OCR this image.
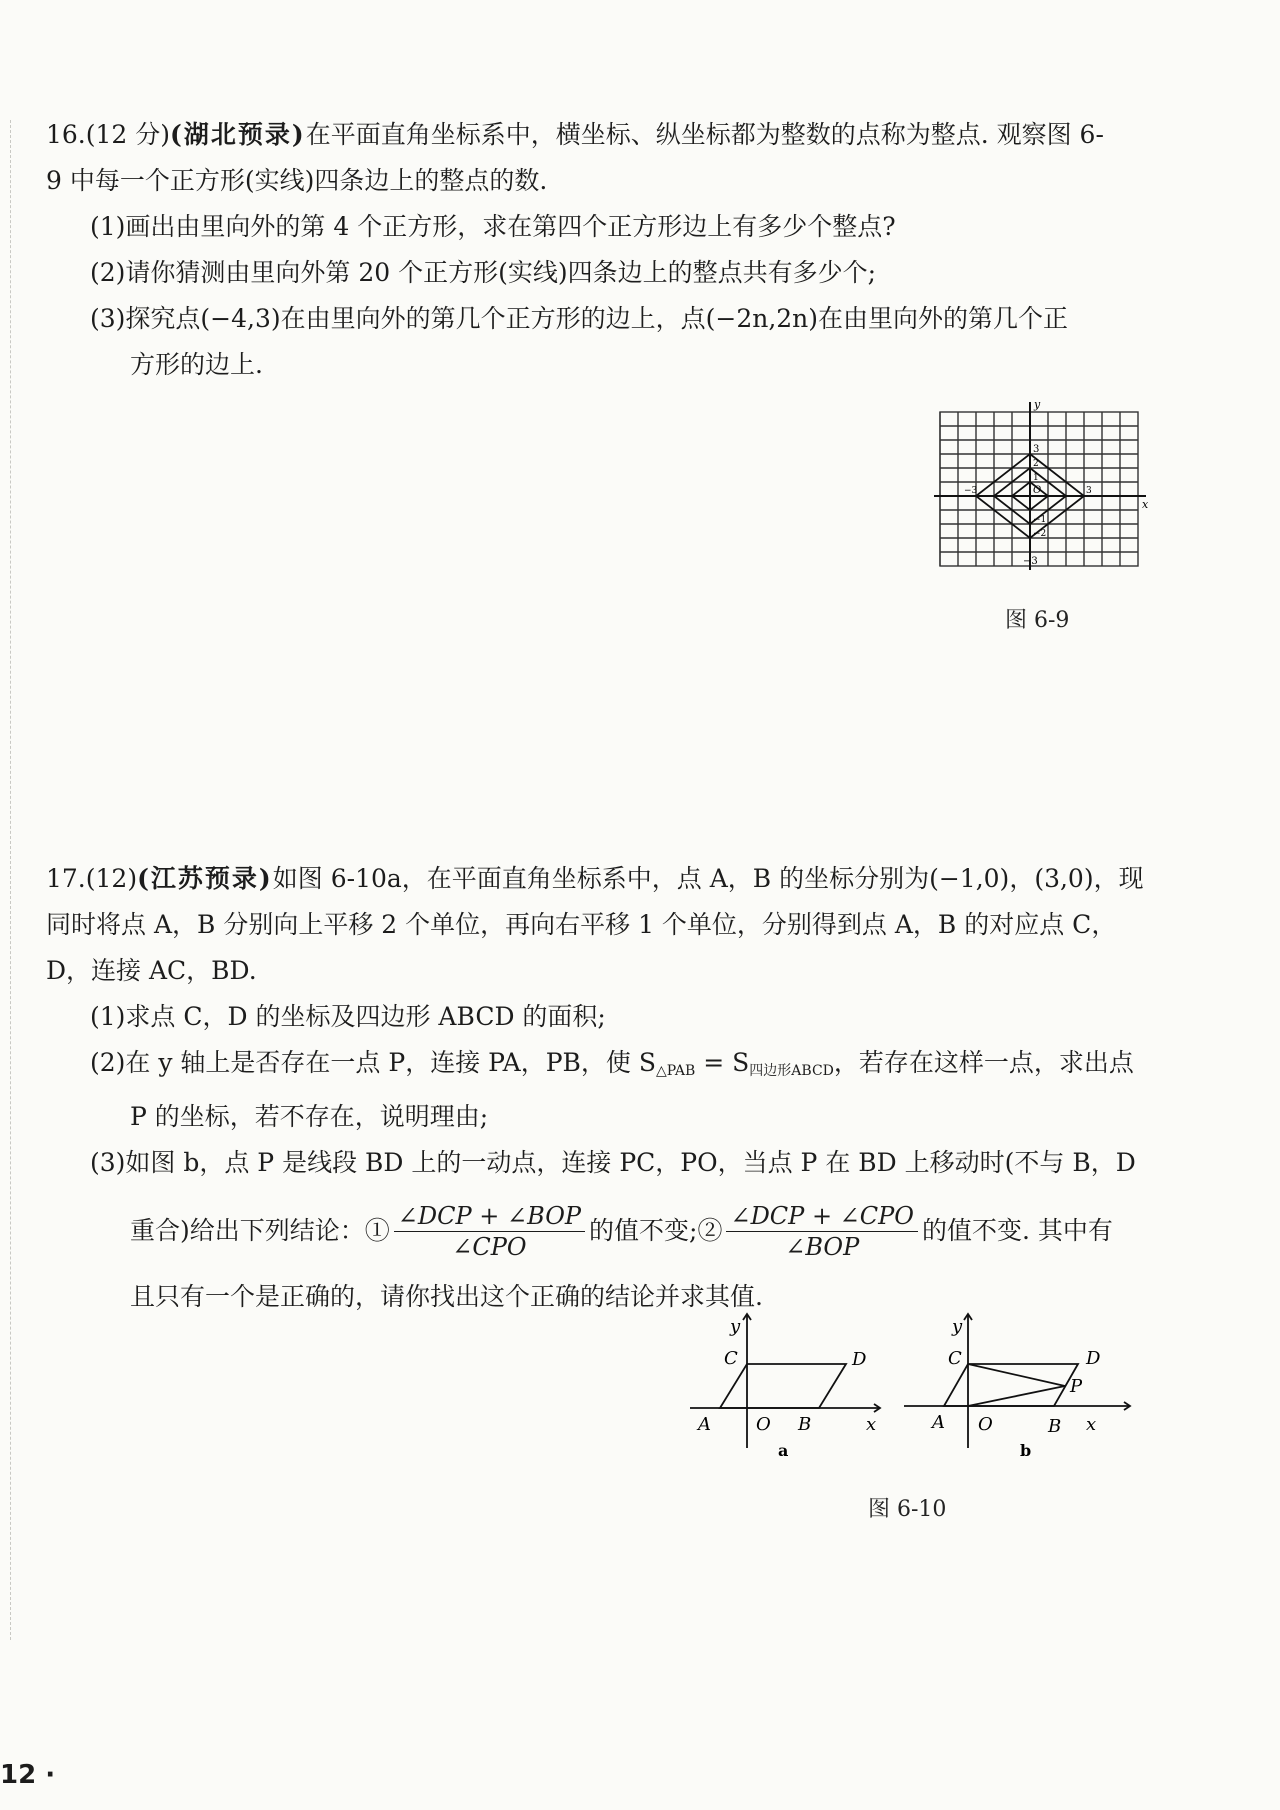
16.(12 分)(湖北预录)在平面直角坐标系中，横坐标、纵坐标都为整数的点称为整点. 观察图 6-
9 中每一个正方形(实线)四条边上的整点的数.
(1)画出由里向外的第 4 个正方形，求在第四个正方形边上有多少个整点?
(2)请你猜测由里向外第 20 个正方形(实线)四条边上的整点共有多少个;
(3)探究点(−4,3)在由里向外的第几个正方形的边上，点(−2n,2n)在由里向外的第几个正
方形的边上.
y
x
O
3
−3
1
−1
2
−2
3
−3
图 6-9
17.(12)(江苏预录)如图 6-10a，在平面直角坐标系中，点 A，B 的坐标分别为(−1,0)，(3,0)，现
同时将点 A，B 分别向上平移 2 个单位，再向右平移 1 个单位，分别得到点 A，B 的对应点 C，
D，连接 AC，BD.
(1)求点 C，D 的坐标及四边形 ABCD 的面积;
(2)在 y 轴上是否存在一点 P，连接 PA，PB，使 $S_{\triangle PAB} = S_{四边形ABCD}$，若存在这样一点，求出点
P 的坐标，若不存在，说明理由;
(3)如图 b，点 P 是线段 BD 上的一动点，连接 PC，PO，当点 P 在 BD 上移动时(不与 B，D
重合)给出下列结论：① $\frac{\text{∠DCP + ∠BOP}}{\text{∠CPO}}$ 的值不变;② $\frac{\text{∠DCP + ∠CPO}}{\text{∠BOP}}$ 的值不变. 其中有
且只有一个是正确的，请你找出这个正确的结论并求其值.
y
C	D
A	O B	x
a
y
C	D
P
A O	B x
b
图 6-10
12 ·
